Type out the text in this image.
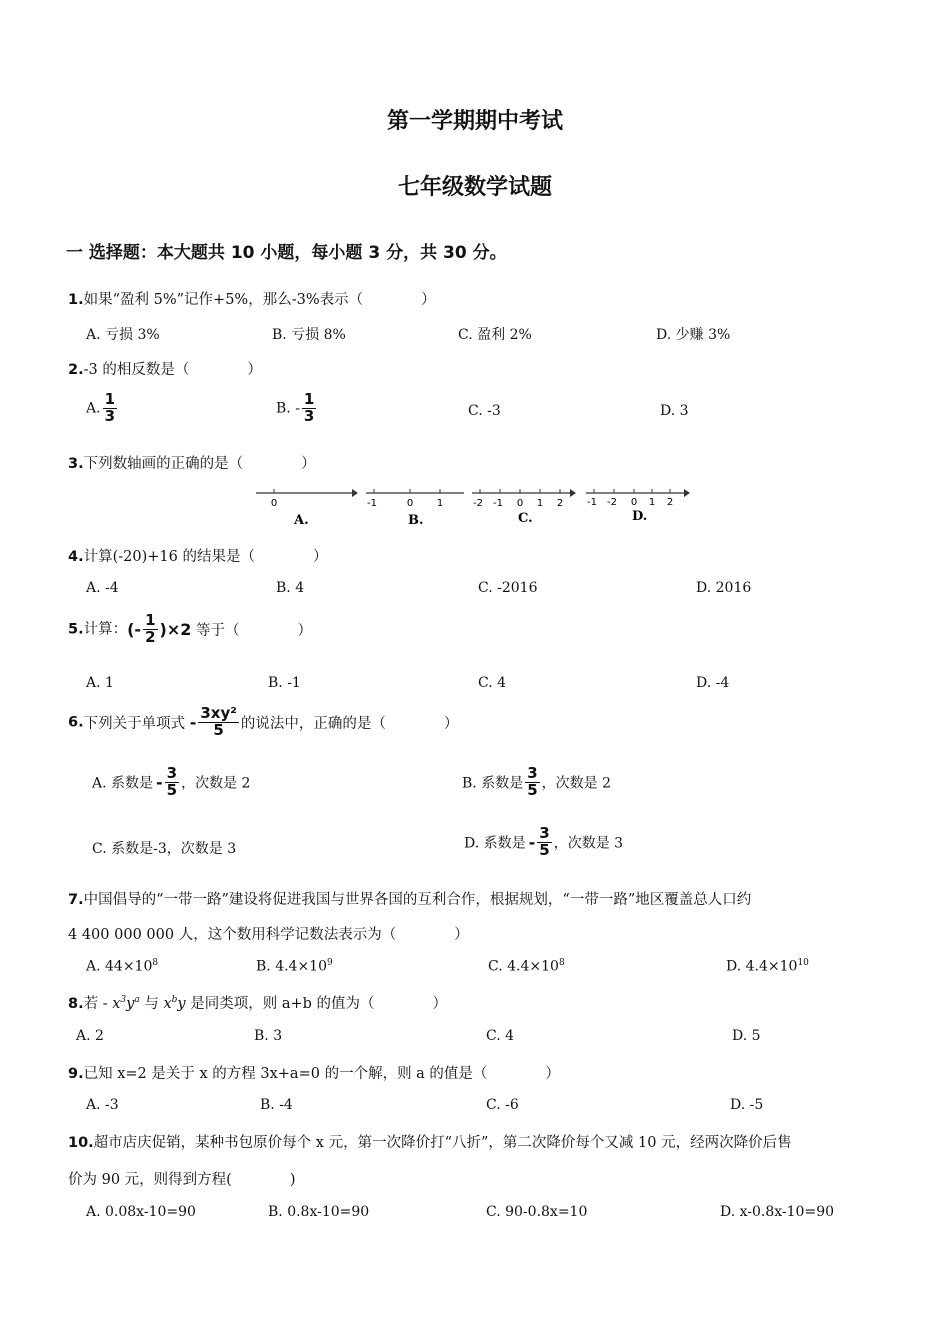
第一学期期中考试
七年级数学试题
一 选择题：本大题共 10 小题，每小题 3 分，共 30 分。
1.如果“盈利 5%”记作+5%，那么-3%表示（　　　　）
A. 亏损 3%	B. 亏损 8%	C. 盈利 2%	D. 少赚 3%
2.-3 的相反数是（　　　　）
A. $\frac{1}{3}$	B. - $\frac{1}{3}$	C. -3	D. 3
3.下列数轴画的正确的是（　　　　）
0
A.
-1	0 1
B.
-2 -1 0 1 2
C.
-1 -2 0 1 2
D.
4.计算(-20)+16 的结果是（　　　　）
A. -4	B. 4	C. -2016	D. 2016
5.计算：(- $\frac{1}{2} )\times 2$ 等于（　　　　）
A. 1	B. -1	C. 4	D. -4
6.下列关于单项式 - $\frac{\text{3xy²}}{5}$ 的说法中，正确的是（　　　　）
A. 系数是 - $\frac{3}{5}$ ，次数是 2	B. 系数是 $\frac{3}{5}$ ，次数是 2
C. 系数是-3，次数是 3	D. 系数是 - $\frac{3}{5}$ ，次数是 3
7.中国倡导的“一带一路”建设将促进我国与世界各国的互利合作，根据规划，“一带一路”地区覆盖总人口约
4 400 000 000 人，这个数用科学记数法表示为（　　　　）
A. $44\times 10^8$	B. $4.4\times 10^9$	C. $4.4\times 10^8$	D. $4.4\times 10^{10}$
8.若 - $x^3y^a$ 与 $x^by$ 是同类项，则 a+b 的值为（　　　　）
A. 2	B. 3	C. 4	D. 5
9.已知 x=2 是关于 x 的方程 3x+a=0 的一个解，则 a 的值是（　　　　）
A. -3	B. -4	C. -6	D. -5
10.超市店庆促销，某种书包原价每个 x 元，第一次降价打“八折”，第二次降价每个又减 10 元，经两次降价后售
价为 90 元，则得到方程(　　　　)
A. 0.08x-10=90	B. 0.8x-10=90	C. 90-0.8x=10	D. x-0.8x-10=90
